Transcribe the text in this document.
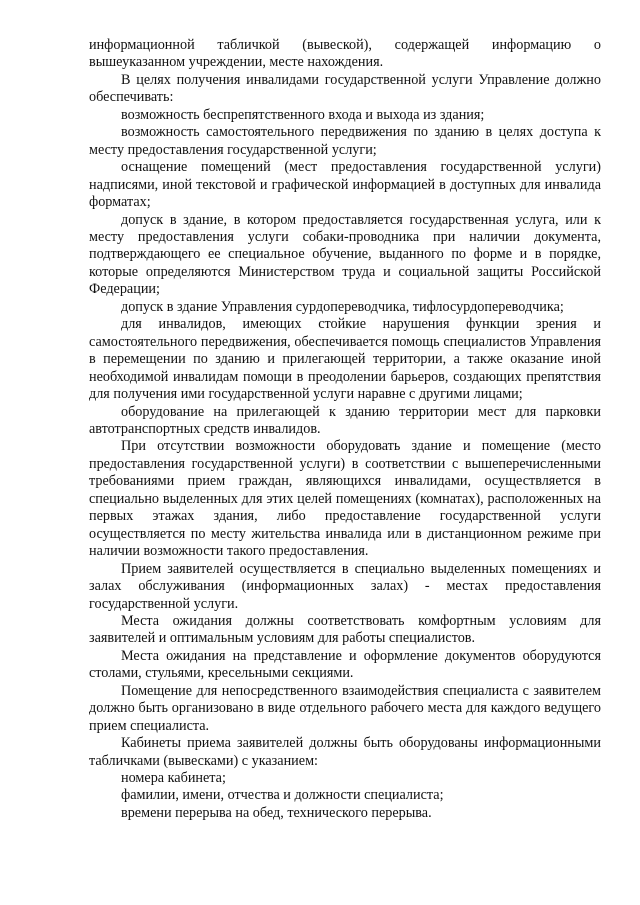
информационной табличкой (вывеской), содержащей информацию о вышеуказанном учреждении, месте нахождения.

В целях получения инвалидами государственной услуги Управление должно обеспечивать:

возможность беспрепятственного входа и выхода из здания;

возможность самостоятельного передвижения по зданию в целях доступа к месту предоставления государственной услуги;

оснащение помещений (мест предоставления государственной услуги) надписями, иной текстовой и графической информацией в доступных для инвалида форматах;

допуск в здание, в котором предоставляется государственная услуга, или к месту предоставления услуги собаки-проводника при наличии документа, подтверждающего ее специальное обучение, выданного по форме и в порядке, которые определяются Министерством труда и социальной защиты Российской Федерации;

допуск в здание Управления сурдопереводчика, тифлосурдопереводчика;

для инвалидов, имеющих стойкие нарушения функции зрения и самостоятельного передвижения, обеспечивается помощь специалистов Управления в перемещении по зданию и прилегающей территории, а также оказание иной необходимой инвалидам помощи в преодолении барьеров, создающих препятствия для получения ими государственной услуги наравне с другими лицами;

оборудование на прилегающей к зданию территории мест для парковки автотранспортных средств инвалидов.

При отсутствии возможности оборудовать здание и помещение (место предоставления государственной услуги) в соответствии с вышеперечисленными требованиями прием граждан, являющихся инвалидами, осуществляется в специально выделенных для этих целей помещениях (комнатах), расположенных на первых этажах здания, либо предоставление государственной услуги осуществляется по месту жительства инвалида или в дистанционном режиме при наличии возможности такого предоставления.

Прием заявителей осуществляется в специально выделенных помещениях и залах обслуживания (информационных залах) - местах предоставления государственной услуги.

Места ожидания должны соответствовать комфортным условиям для заявителей и оптимальным условиям для работы специалистов.

Места ожидания на представление и оформление документов оборудуются столами, стульями, кресельными секциями.

Помещение для непосредственного взаимодействия специалиста с заявителем должно быть организовано в виде отдельного рабочего места для каждого ведущего прием специалиста.

Кабинеты приема заявителей должны быть оборудованы информационными табличками (вывесками) с указанием:

номера кабинета;

фамилии, имени, отчества и должности специалиста;

времени перерыва на обед, технического перерыва.
